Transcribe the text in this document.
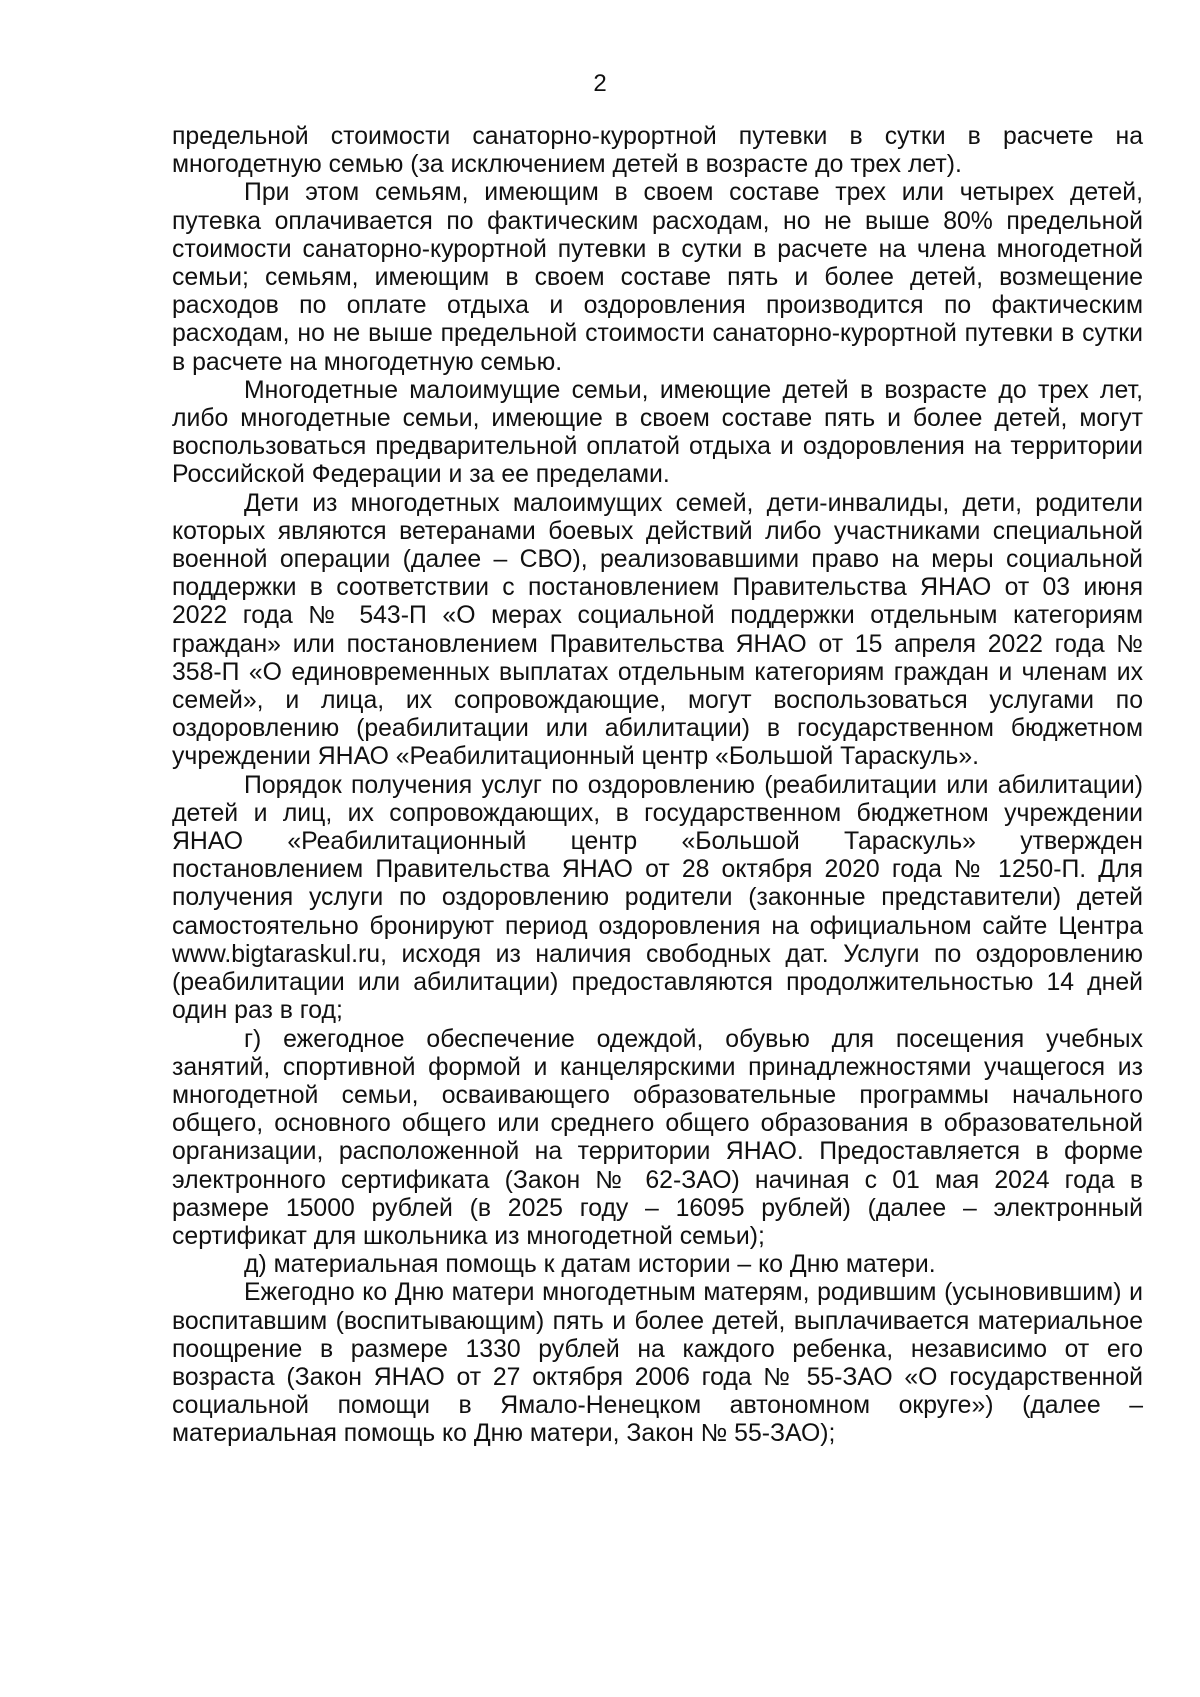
2

предельной стоимости санаторно-курортной путевки в сутки в расчете на многодетную семью (за исключением детей в возрасте до трех лет).

При этом семьям, имеющим в своем составе трех или четырех детей, путевка оплачивается по фактическим расходам, но не выше 80% предельной стоимости санаторно-курортной путевки в сутки в расчете на члена многодетной семьи; семьям, имеющим в своем составе пять и более детей, возмещение расходов по оплате отдыха и оздоровления производится по фактическим расходам, но не выше предельной стоимости санаторно-курортной путевки в сутки в расчете на многодетную семью.

Многодетные малоимущие семьи, имеющие детей в возрасте до трех лет, либо многодетные семьи, имеющие в своем составе пять и более детей, могут воспользоваться предварительной оплатой отдыха и оздоровления на территории Российской Федерации и за ее пределами.

Дети из многодетных малоимущих семей, дети-инвалиды, дети, родители которых являются ветеранами боевых действий либо участниками специальной военной операции (далее – СВО), реализовавшими право на меры социальной поддержки в соответствии с постановлением Правительства ЯНАО от 03 июня 2022 года № 543-П «О мерах социальной поддержки отдельным категориям граждан» или постановлением Правительства ЯНАО от 15 апреля 2022 года № 358-П «О единовременных выплатах отдельным категориям граждан и членам их семей», и лица, их сопровождающие, могут воспользоваться услугами по оздоровлению (реабилитации или абилитации) в государственном бюджетном учреждении ЯНАО «Реабилитационный центр «Большой Тараскуль».

Порядок получения услуг по оздоровлению (реабилитации или абилитации) детей и лиц, их сопровождающих, в государственном бюджетном учреждении ЯНАО «Реабилитационный центр «Большой Тараскуль» утвержден постановлением Правительства ЯНАО от 28 октября 2020 года № 1250-П. Для получения услуги по оздоровлению родители (законные представители) детей самостоятельно бронируют период оздоровления на официальном сайте Центра www.bigtaraskul.ru, исходя из наличия свободных дат. Услуги по оздоровлению (реабилитации или абилитации) предоставляются продолжительностью 14 дней один раз в год;

г) ежегодное обеспечение одеждой, обувью для посещения учебных занятий, спортивной формой и канцелярскими принадлежностями учащегося из многодетной семьи, осваивающего образовательные программы начального общего, основного общего или среднего общего образования в образовательной организации, расположенной на территории ЯНАО. Предоставляется в форме электронного сертификата (Закон № 62-ЗАО) начиная с 01 мая 2024 года в размере 15000 рублей (в 2025 году – 16095 рублей) (далее – электронный сертификат для школьника из многодетной семьи);

д) материальная помощь к датам истории – ко Дню матери.

Ежегодно ко Дню матери многодетным матерям, родившим (усыновившим) и воспитавшим (воспитывающим) пять и более детей, выплачивается материальное поощрение в размере 1330 рублей на каждого ребенка, независимо от его возраста (Закон ЯНАО от 27 октября 2006 года № 55-ЗАО «О государственной социальной помощи в Ямало-Ненецком автономном округе») (далее – материальная помощь ко Дню матери, Закон № 55-ЗАО);
